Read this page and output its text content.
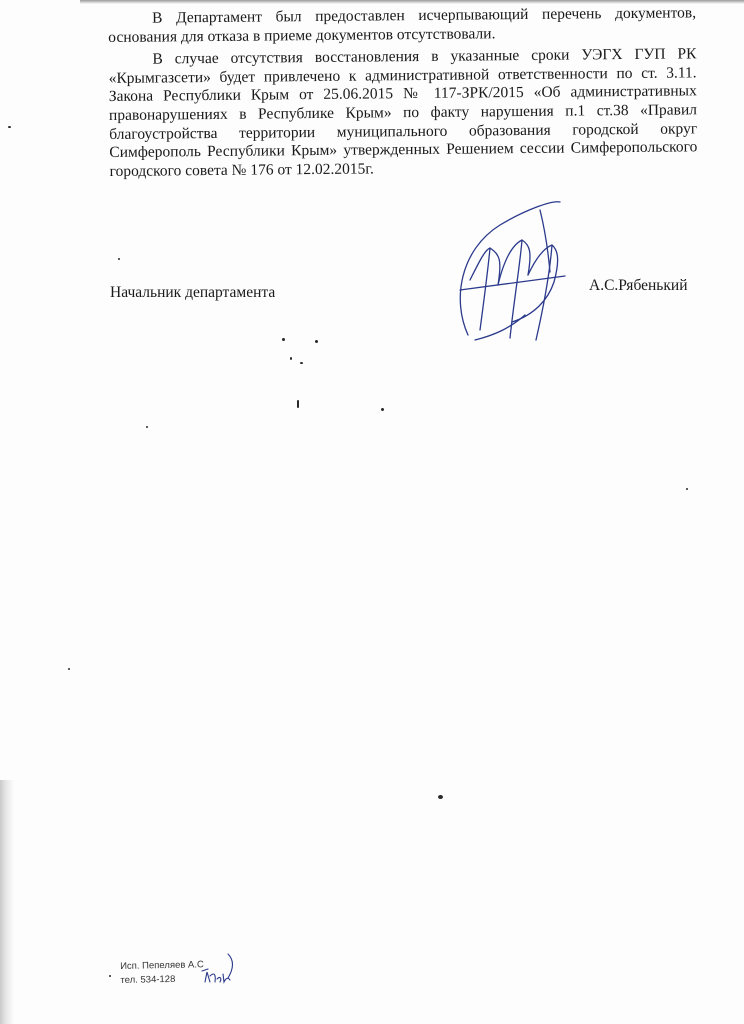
В Департамент был предоставлен исчерпывающий перечень документов, основания для отказа в приеме документов отсутствовали.

В случае отсутствия восстановления в указанные сроки УЭГХ ГУП РК «Крымгазсети» будет привлечено к административной ответственности по ст. 3.11. Закона Республики Крым от 25.06.2015 № 117-ЗРК/2015 «Об административных правонарушениях в Республике Крым» по факту нарушения п.1 ст.38 «Правил благоустройства территории муниципального образования городской округ Симферополь Республики Крым» утвержденных Решением сессии Симферопольского городского совета № 176 от 12.02.2015г.

Начальник департамента	А.С.Рябенький
Исп. Пепеляев А.С
тел. 534-128
